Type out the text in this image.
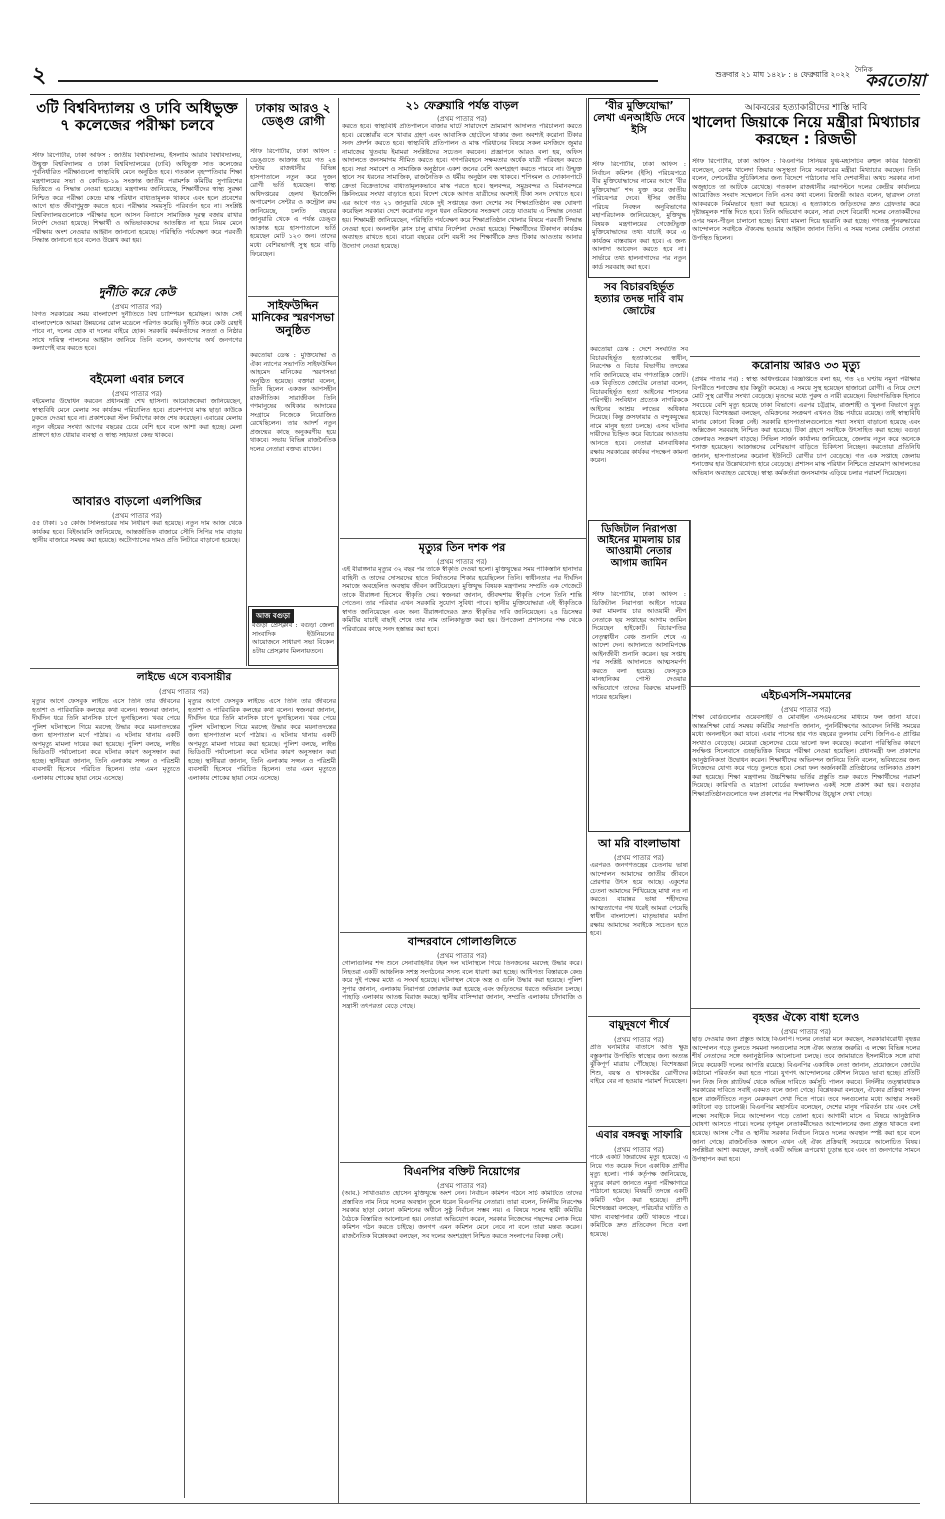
২	শুক্রবার ২১ মাঘ ১৪২৮ : ৪ ফেব্রুয়ারি ২০২২ দৈনিক
করতোয়া
৩টি বিশ্ববিদ্যালয় ও ঢাবি অধিভুক্ত ৭ কলেজের পরীক্ষা চলবে
স্টাফ রিপোর্টার, ঢাকা অফিস : জাতীয় বিশ্ববিদ্যালয়, ইসলামি আরবি বিশ্ববিদ্যালয়, উন্মুক্ত বিশ্ববিদ্যালয় ও ঢাকা বিশ্ববিদ্যালয়ের (ঢাবি) অধিভুক্ত সাত কলেজের পূর্বনির্ধারিত পরীক্ষাগুলো স্বাস্থ্যবিধি মেনে অনুষ্ঠিত হবে। গতকাল বৃহস্পতিবার শিক্ষা মন্ত্রণালয়ের সভা ও কোভিড-১৯ সংক্রান্ত জাতীয় পরামর্শক কমিটির সুপারিশের ভিত্তিতে এ সিদ্ধান্ত নেওয়া হয়েছে। মন্ত্রণালয় জানিয়েছে, শিক্ষার্থীদের স্বাস্থ্য সুরক্ষা নিশ্চিত করে পরীক্ষা কেন্দ্রে মাস্ক পরিধান বাধ্যতামূলক থাকবে এবং হলে প্রবেশের আগে হাত জীবাণুমুক্ত করতে হবে। পরীক্ষার সময়সূচি পরিবর্তন হবে না। সংশ্লিষ্ট বিশ্ববিদ্যালয়গুলোকে পরীক্ষার হলে আসন বিন্যাসে সামাজিক দূরত্ব বজায় রাখার নির্দেশ দেওয়া হয়েছে। শিক্ষার্থী ও অভিভাবকদের আতঙ্কিত না হয়ে নিয়ম মেনে পরীক্ষায় অংশ নেওয়ার আহ্বান জানানো হয়েছে। পরিস্থিতি পর্যবেক্ষণ করে পরবর্তী সিদ্ধান্ত জানানো হবে বলেও উল্লেখ করা হয়।
দুর্নীতি করে কেউ
(প্রথম পাতার পর)
বিগত সরকারের সময় বাংলাদেশ দুর্নীতিতে বিশ্ব চ্যাম্পিয়ন হয়েছিল। আজ সেই বাংলাদেশকে আমরা উন্নয়নের রোল মডেলে পরিণত করেছি। দুর্নীতি করে কেউ রেহাই পাবে না, দলের হোক বা দলের বাইরে হোক। সরকারি কর্মকর্তাদের সততা ও নিষ্ঠার সাথে দায়িত্ব পালনের আহ্বান জানিয়ে তিনি বলেন, জনগণের অর্থ জনগণের কল্যাণেই ব্যয় করতে হবে।
বইমেলা এবার চলবে
(প্রথম পাতার পর)
বইমেলার উদ্বোধন করবেন প্রধানমন্ত্রী শেখ হাসিনা। আয়োজকেরা জানিয়েছেন, স্বাস্থ্যবিধি মেনে মেলার সব কার্যক্রম পরিচালিত হবে। প্রবেশপথে মাস্ক ছাড়া কাউকে ঢুকতে দেওয়া হবে না। প্রকাশকেরা স্টল নির্মাণের কাজ শেষ করেছেন। এবারের মেলায় নতুন বইয়ের সংখ্যা আগের বছরের চেয়ে বেশি হবে বলে আশা করা হচ্ছে। মেলা প্রাঙ্গণে হাত ধোয়ার ব্যবস্থা ও স্বাস্থ্য সহায়তা কেন্দ্র থাকবে।
আবারও বাড়লো এলপিজির
(প্রথম পাতার পর)
৫৫ টাকা। ১৫ কেজি সিলিন্ডারের দাম নির্ধারণ করা হয়েছে। নতুন দাম আজ থেকে কার্যকর হবে। বিইআরসি জানিয়েছে, আন্তর্জাতিক বাজারে সৌদি সিপির দাম বাড়ায় স্থানীয় বাজারে সমন্বয় করা হয়েছে। অটোগ্যাসের দামও প্রতি লিটারে বাড়ানো হয়েছে।
ঢাকায় আরও ২ ডেঙ্গু রোগী
স্টাফ রিপোর্টার, ঢাকা অফিস : ডেঙ্গুতে আক্রান্ত হয়ে গত ২৪ ঘণ্টায় রাজধানীর বিভিন্ন হাসপাতালে নতুন করে দুজন রোগী ভর্তি হয়েছেন। স্বাস্থ্য অধিদপ্তরের হেলথ ইমার্জেন্সি অপারেশন সেন্টার ও কন্ট্রোল রুম জানিয়েছে, চলতি বছরের জানুয়ারি থেকে এ পর্যন্ত ডেঙ্গু আক্রান্ত হয়ে হাসপাতালে ভর্তি হয়েছেন মোট ১২৩ জন। তাদের মধ্যে বেশিরভাগই সুস্থ হয়ে বাড়ি ফিরেছেন।
সাইফউদ্দিন মানিকের স্মরণসভা অনুষ্ঠিত
করতোয়া ডেস্ক : মুক্তিযোদ্ধা ও ঐক্য ন্যাপের সভাপতি সাইফউদ্দিন আহমেদ মানিকের স্মরণসভা অনুষ্ঠিত হয়েছে। বক্তারা বলেন, তিনি ছিলেন একজন আপসহীন রাজনীতিক। সারাজীবন তিনি গণমানুষের অধিকার আদায়ের সংগ্রামে নিজেকে নিয়োজিত রেখেছিলেন। তার আদর্শ নতুন প্রজন্মের কাছে অনুকরণীয় হয়ে থাকবে। সভায় বিভিন্ন রাজনৈতিক দলের নেতারা বক্তব্য রাখেন।
আজ বগুড়া
বগুড়া প্রেসক্লাব : বগুড়া জেলা সাংবাদিক ইউনিয়নের আয়োজনে সাধারণ সভা বিকেল ৪টায় প্রেসক্লাব মিলনায়তনে।
লাইভে এসে ব্যবসায়ীর
(প্রথম পাতার পর)
মৃত্যুর আগে ফেসবুক লাইভে এসে তিনি তার জীবনের হতাশা ও পারিবারিক কলহের কথা বলেন। স্বজনরা জানান, দীর্ঘদিন ধরে তিনি মানসিক চাপে ভুগছিলেন। খবর পেয়ে পুলিশ ঘটনাস্থলে গিয়ে মরদেহ উদ্ধার করে ময়নাতদন্তের জন্য হাসপাতাল মর্গে পাঠায়। এ ঘটনায় থানায় একটি অপমৃত্যু মামলা দায়ের করা হয়েছে। পুলিশ বলছে, লাইভ ভিডিওটি পর্যালোচনা করে ঘটনার কারণ অনুসন্ধান করা হচ্ছে। স্থানীয়রা জানান, তিনি এলাকায় সজ্জন ও পরিশ্রমী ব্যবসায়ী হিসেবে পরিচিত ছিলেন। তার এমন মৃত্যুতে এলাকায় শোকের ছায়া নেমে এসেছে।
মৃত্যুর আগে ফেসবুক লাইভে এসে তিনি তার জীবনের হতাশা ও পারিবারিক কলহের কথা বলেন। স্বজনরা জানান, দীর্ঘদিন ধরে তিনি মানসিক চাপে ভুগছিলেন। খবর পেয়ে পুলিশ ঘটনাস্থলে গিয়ে মরদেহ উদ্ধার করে ময়নাতদন্তের জন্য হাসপাতাল মর্গে পাঠায়। এ ঘটনায় থানায় একটি অপমৃত্যু মামলা দায়ের করা হয়েছে। পুলিশ বলছে, লাইভ ভিডিওটি পর্যালোচনা করে ঘটনার কারণ অনুসন্ধান করা হচ্ছে। স্থানীয়রা জানান, তিনি এলাকায় সজ্জন ও পরিশ্রমী ব্যবসায়ী হিসেবে পরিচিত ছিলেন। তার এমন মৃত্যুতে এলাকায় শোকের ছায়া নেমে এসেছে।
২১ ফেব্রুয়ারি পর্যন্ত বাড়ল
(প্রথম পাতার পর)
করতে হবে। স্বাস্থ্যবিধি প্রতিপালনে বাজার ঘাটে সারাদেশে ভ্রাম্যমাণ আদালত পরিচালনা করতে হবে। রেস্তোরাঁয় বসে খাবার গ্রহণ এবং আবাসিক হোটেলে থাকার জন্য অবশ্যই করোনা টিকার সনদ প্রদর্শন করতে হবে। স্বাস্থ্যবিধি প্রতিপালন ও মাস্ক পরিধানের বিষয়ে সকল মসজিদে জুমার নামাজের খুতবায় ইমামরা সংশ্লিষ্টদের সচেতন করবেন। প্রজ্ঞাপনে আরও বলা হয়, অফিস আদালতে জনসমাগম সীমিত করতে হবে। গণপরিবহনে সক্ষমতার অর্ধেক যাত্রী পরিবহন করতে হবে। সভা সমাবেশ ও সামাজিক অনুষ্ঠানে একশ জনের বেশি অংশগ্রহণ করতে পারবে না। উন্মুক্ত স্থানে সব ধরনের সামাজিক, রাজনৈতিক ও ধর্মীয় অনুষ্ঠান বন্ধ থাকবে। শপিংমল ও দোকানপাটে ক্রেতা বিক্রেতাদের বাধ্যতামূলকভাবে মাস্ক পরতে হবে। স্থলবন্দর, সমুদ্রবন্দর ও বিমানবন্দরে স্ক্রিনিংয়ের সংখ্যা বাড়াতে হবে। বিদেশ থেকে আগত যাত্রীদের অবশ্যই টিকা সনদ দেখাতে হবে। এর আগে গত ২১ জানুয়ারি থেকে দুই সপ্তাহের জন্য দেশের সব শিক্ষাপ্রতিষ্ঠান বন্ধ ঘোষণা করেছিল সরকার। দেশে করোনার নতুন ধরন ওমিক্রনের সংক্রমণ বেড়ে যাওয়ায় এ সিদ্ধান্ত নেওয়া হয়। শিক্ষামন্ত্রী জানিয়েছেন, পরিস্থিতি পর্যবেক্ষণ করে শিক্ষাপ্রতিষ্ঠান খোলার বিষয়ে পরবর্তী সিদ্ধান্ত নেওয়া হবে। অনলাইন ক্লাস চালু রাখার নির্দেশনা দেওয়া হয়েছে। শিক্ষার্থীদের টিকাদান কার্যক্রম অব্যাহত রাখতে হবে। বারো বছরের বেশি বয়সী সব শিক্ষার্থীকে দ্রুত টিকার আওতায় আনার উদ্যোগ নেওয়া হয়েছে।
মৃত্যুর তিন দশক পর
(প্রথম পাতার পর)
এই বীরাঙ্গনার মৃত্যুর ৩২ বছর পর তাকে স্বীকৃতি দেওয়া হলো। মুক্তিযুদ্ধের সময় পাকিস্তানি হানাদার বাহিনী ও তাদের দোসরদের হাতে নির্যাতনের শিকার হয়েছিলেন তিনি। স্বাধীনতার পর দীর্ঘদিন সমাজে অবহেলিত অবস্থায় জীবন কাটিয়েছেন। মুক্তিযুদ্ধ বিষয়ক মন্ত্রণালয় সম্প্রতি এক গেজেটে তাকে বীরাঙ্গনা হিসেবে স্বীকৃতি দেয়। স্বজনরা জানান, জীবদ্দশায় স্বীকৃতি পেলে তিনি শান্তি পেতেন। তার পরিবার এখন সরকারি সুযোগ সুবিধা পাবে। স্থানীয় মুক্তিযোদ্ধারা এই স্বীকৃতিকে স্বাগত জানিয়েছেন এবং অন্য বীরাঙ্গনাদেরও দ্রুত স্বীকৃতির দাবি জানিয়েছেন। ২৪ ডিসেম্বর কমিটির যাচাই বাছাই শেষে তার নাম তালিকাভুক্ত করা হয়। উপজেলা প্রশাসনের পক্ষ থেকে পরিবারের কাছে সনদ হস্তান্তর করা হবে।
বান্দরবানে গোলাগুলিতে
(প্রথম পাতার পর)
গোলাগুলির শব্দ শুনে সেনাবাহিনীর টহল দল ঘটনাস্থলে গিয়ে তিনজনের মরদেহ উদ্ধার করে। নিহতরা একটি আঞ্চলিক সশস্ত্র সংগঠনের সদস্য বলে ধারণা করা হচ্ছে। আধিপত্য বিস্তারকে কেন্দ্র করে দুই পক্ষের মধ্যে এ সংঘর্ষ হয়েছে। ঘটনাস্থল থেকে অস্ত্র ও গুলি উদ্ধার করা হয়েছে। পুলিশ সুপার জানান, এলাকায় নিরাপত্তা জোরদার করা হয়েছে এবং জড়িতদের ধরতে অভিযান চলছে। পাহাড়ি এলাকায় আতঙ্ক বিরাজ করছে। স্থানীয় বাসিন্দারা জানান, সম্প্রতি এলাকায় চাঁদাবাজি ও সন্ত্রাসী তৎপরতা বেড়ে গেছে।
বিএনপির বক্তিট নিয়োগের
(প্রথম পাতার পর)
(আব.) সাখাওয়াত হোসেন মুক্তিযুদ্ধে অংশ নেন। নির্বাচন কমিশন গঠনে সার্চ কমিটিতে তাদের প্রস্তাবিত নাম নিয়ে দলের অবস্থান তুলে ধরেন বিএনপির নেতারা। তারা বলেন, নির্দলীয় নিরপেক্ষ সরকার ছাড়া কোনো কমিশনের অধীনে সুষ্ঠু নির্বাচন সম্ভব নয়। এ বিষয়ে দলের স্থায়ী কমিটির বৈঠকে বিস্তারিত আলোচনা হয়। নেতারা অভিযোগ করেন, সরকার নিজেদের পছন্দের লোক দিয়ে কমিশন গঠন করতে চাইছে। জনগণ এমন কমিশন মেনে নেবে না বলে তারা মন্তব্য করেন। রাজনৈতিক বিশ্লেষকরা বলছেন, সব দলের অংশগ্রহণ নিশ্চিত করতে সংলাপের বিকল্প নেই।
‘বীর মুক্তিযোদ্ধা’ লেখা এনআইডি দেবে ইসি
স্টাফ রিপোর্টার, ঢাকা অফিস : নির্বাচন কমিশন (ইসি) পরিচয়পত্রে বীর মুক্তিযোদ্ধাদের নামের আগে ‘বীর মুক্তিযোদ্ধা’ শব্দ যুক্ত করে জাতীয় পরিচয়পত্র দেবে। ইসির জাতীয় পরিচয় নিবন্ধন অনুবিভাগের মহাপরিচালক জানিয়েছেন, মুক্তিযুদ্ধ বিষয়ক মন্ত্রণালয়ের গেজেটভুক্ত মুক্তিযোদ্ধাদের তথ্য যাচাই করে এ কার্যক্রম বাস্তবায়ন করা হবে। এ জন্য আলাদা আবেদন করতে হবে না। সার্ভারে তথ্য হালনাগাদের পর নতুন কার্ড সরবরাহ করা হবে।
সব বিচারবহির্ভূত হত্যার তদন্ত দাবি বাম জোটের
করতোয়া ডেস্ক : দেশে সংঘটিত সব বিচারবহির্ভূত হত্যাকাণ্ডের স্বাধীন, নিরপেক্ষ ও বিচার বিভাগীয় তদন্তের দাবি জানিয়েছে বাম গণতান্ত্রিক জোট। এক বিবৃতিতে জোটের নেতারা বলেন, বিচারবহির্ভূত হত্যা আইনের শাসনের পরিপন্থী। সংবিধান প্রত্যেক নাগরিককে আইনের আশ্রয় লাভের অধিকার দিয়েছে। কিন্তু ক্রসফায়ার ও বন্দুকযুদ্ধের নামে মানুষ হত্যা চলছে। এসব ঘটনার দায়ীদের চিহ্নিত করে বিচারের আওতায় আনতে হবে। নেতারা মানবাধিকার রক্ষায় সরকারের কার্যকর পদক্ষেপ কামনা করেন।
ডিজিটাল নিরাপত্তা আইনের মামলায় চার আওয়ামী নেতার আগাম জামিন
স্টাফ রিপোর্টার, ঢাকা অফিস : ডিজিটাল নিরাপত্তা আইনে দায়ের করা মামলায় চার আওয়ামী লীগ নেতাকে ছয় সপ্তাহের আগাম জামিন দিয়েছেন হাইকোর্ট। বিচারপতির নেতৃত্বাধীন বেঞ্চ শুনানি শেষে এ আদেশ দেন। আদালতে আসামিপক্ষে আইনজীবী শুনানি করেন। ছয় সপ্তাহ পর সংশ্লিষ্ট আদালতে আত্মসমর্পণ করতে বলা হয়েছে। ফেসবুকে মানহানিকর পোস্ট দেওয়ার অভিযোগে তাদের বিরুদ্ধে মামলাটি দায়ের হয়েছিল।
আ মরি বাংলাভাষা
(প্রথম পাতার পর)
এরপরও জনগণতন্ত্রের চেতনায় ভাষা আন্দোলন আমাদের জাতীয় জীবনে প্রেরণার উৎস হয়ে আছে। একুশের চেতনা আমাদের শিখিয়েছে মাথা নত না করতে। বায়ান্নর ভাষা শহীদদের আত্মত্যাগের পথ ধরেই আমরা পেয়েছি স্বাধীন বাংলাদেশ। মাতৃভাষার মর্যাদা রক্ষায় আমাদের সবাইকে সচেতন হতে হবে।
বায়ুদূষণে শীর্ষে
(প্রথম পাতার পর)
প্রতি ঘনমিটার বাতাসে অতি ক্ষুদ্র বস্তুকণার উপস্থিতি স্বাস্থ্যের জন্য অত্যন্ত ঝুঁকিপূর্ণ মাত্রায় পৌঁছেছে। বিশেষজ্ঞরা শিশু, বয়স্ক ও শ্বাসকষ্টের রোগীদের বাইরে বের না হওয়ার পরামর্শ দিয়েছেন।
এবার বঙ্গবন্ধু সাফারি
(প্রথম পাতার পর)
পার্কে একটি জিরাফের মৃত্যু হয়েছে। এ নিয়ে গত কয়েক দিনে একাধিক প্রাণীর মৃত্যু হলো। পার্ক কর্তৃপক্ষ জানিয়েছে, মৃত্যুর কারণ জানতে নমুনা পরীক্ষাগারে পাঠানো হয়েছে। বিষয়টি তদন্তে একটি কমিটি গঠন করা হয়েছে। প্রাণী বিশেষজ্ঞরা বলছেন, পরিচর্যার ঘাটতি ও খাদ্য ব্যবস্থাপনার ত্রুটি থাকতে পারে। কমিটিকে দ্রুত প্রতিবেদন দিতে বলা হয়েছে।
আকবরের হত্যাকারীদের শাস্তি দাবি
খালেদা জিয়াকে নিয়ে মন্ত্রীরা মিথ্যাচার করছেন : রিজভী
স্টাফ রিপোর্টার, ঢাকা অফিস : বিএনপির সিনিয়র যুগ্ম-মহাসচিব রুহুল কবির রিজভী বলেছেন, বেগম খালেদা জিয়ার অসুস্থতা নিয়ে সরকারের মন্ত্রীরা মিথ্যাচার করছেন। তিনি বলেন, দেশনেত্রীর সুচিকিৎসার জন্য বিদেশে পাঠানোর দাবি দেশবাসীর। অথচ সরকার নানা অজুহাতে তা আটকে রেখেছে। গতকাল রাজধানীর নয়াপল্টনে দলের কেন্দ্রীয় কার্যালয়ে আয়োজিত সংবাদ সম্মেলনে তিনি এসব কথা বলেন। রিজভী আরও বলেন, ছাত্রদল নেতা আকবরকে নির্মমভাবে হত্যা করা হয়েছে। এ হত্যাকাণ্ডে জড়িতদের দ্রুত গ্রেফতার করে দৃষ্টান্তমূলক শাস্তি দিতে হবে। তিনি অভিযোগ করেন, সারা দেশে বিরোধী দলের নেতাকর্মীদের ওপর দমন-পীড়ন চালানো হচ্ছে। মিথ্যা মামলা দিয়ে হয়রানি করা হচ্ছে। গণতন্ত্র পুনরুদ্ধারের আন্দোলনে সবাইকে ঐক্যবদ্ধ হওয়ার আহ্বান জানান তিনি। এ সময় দলের কেন্দ্রীয় নেতারা উপস্থিত ছিলেন।
করোনায় আরও ৩৩ মৃত্যু
(প্রথম পাতার পর) : স্বাস্থ্য অধিদপ্তরের বিজ্ঞপ্তিতে বলা হয়, গত ২৪ ঘণ্টায় নমুনা পরীক্ষার বিপরীতে শনাক্তের হার কিছুটা কমেছে। এ সময়ে সুস্থ হয়েছেন হাজারো রোগী। এ নিয়ে দেশে মোট সুস্থ রোগীর সংখ্যা বেড়েছে। মৃতদের মধ্যে পুরুষ ও নারী রয়েছেন। বিভাগভিত্তিক হিসাবে সবচেয়ে বেশি মৃত্যু হয়েছে ঢাকা বিভাগে। এরপর চট্টগ্রাম, রাজশাহী ও খুলনা বিভাগে মৃত্যু হয়েছে। বিশেষজ্ঞরা বলছেন, ওমিক্রনের সংক্রমণ এখনও উচ্চ পর্যায়ে রয়েছে। তাই স্বাস্থ্যবিধি মানার কোনো বিকল্প নেই। সরকারি হাসপাতালগুলোতে শয্যা সংখ্যা বাড়ানো হয়েছে এবং অক্সিজেন সরবরাহ নিশ্চিত করা হয়েছে। টিকা গ্রহণে সবাইকে উৎসাহিত করা হচ্ছে। বগুড়া জেলায়ও সংক্রমণ বাড়ছে। সিভিল সার্জন কার্যালয় জানিয়েছে, জেলায় নতুন করে অনেকে শনাক্ত হয়েছেন। আক্রান্তদের বেশিরভাগ বাড়িতে চিকিৎসা নিচ্ছেন। করতোয়া প্রতিনিধি জানান, হাসপাতালের করোনা ইউনিটে রোগীর চাপ বেড়েছে। গত এক সপ্তাহে জেলায় শনাক্তের হার উল্লেখযোগ্য হারে বেড়েছে। প্রশাসন মাস্ক পরিধান নিশ্চিতে ভ্রাম্যমাণ আদালতের অভিযান অব্যাহত রেখেছে। স্বাস্থ্য কর্মকর্তারা জনসমাগম এড়িয়ে চলার পরামর্শ দিয়েছেন।
এইচএসসি-সমমানের
(প্রথম পাতার পর)
শিক্ষা বোর্ডগুলোর ওয়েবসাইট ও মোবাইল এসএমএসের মাধ্যমে ফল জানা যাবে। আন্তঃশিক্ষা বোর্ড সমন্বয় কমিটির সভাপতি জানান, পুনর্নিরীক্ষণের আবেদন নির্দিষ্ট সময়ের মধ্যে অনলাইনে করা যাবে। এবার পাসের হার গত বছরের তুলনায় বেশি। জিপিএ-৫ প্রাপ্তির সংখ্যাও বেড়েছে। মেয়েরা ছেলেদের চেয়ে ভালো ফল করেছে। করোনা পরিস্থিতির কারণে সংক্ষিপ্ত সিলেবাসে গুচ্ছভিত্তিক বিষয়ে পরীক্ষা নেওয়া হয়েছিল। প্রধানমন্ত্রী ফল প্রকাশের আনুষ্ঠানিকতা উদ্বোধন করেন। শিক্ষার্থীদের অভিনন্দন জানিয়ে তিনি বলেন, ভবিষ্যতের জন্য নিজেদের যোগ্য করে গড়ে তুলতে হবে। সেরা ফল অর্জনকারী প্রতিষ্ঠানের তালিকাও প্রকাশ করা হয়েছে। শিক্ষা মন্ত্রণালয় উচ্চশিক্ষায় ভর্তির প্রস্তুতি শুরু করতে শিক্ষার্থীদের পরামর্শ দিয়েছে। কারিগরি ও মাদ্রাসা বোর্ডের ফলাফলও একই সঙ্গে প্রকাশ করা হয়। বগুড়ার শিক্ষাপ্রতিষ্ঠানগুলোতে ফল প্রকাশের পর শিক্ষার্থীদের উচ্ছ্বাস দেখা গেছে।
বৃহত্তর ঐক্যে বাধা হলেও
(প্রথম পাতার পর)
ছাড় দেওয়ার জন্য প্রস্তুত আছে বিএনপি। দলের নেতারা মনে করছেন, সরকারবিরোধী বৃহত্তর আন্দোলন গড়ে তুলতে সমমনা দলগুলোর সঙ্গে ঐক্য অত্যন্ত জরুরি। এ লক্ষ্যে বিভিন্ন দলের শীর্ষ নেতাদের সঙ্গে অনানুষ্ঠানিক আলোচনা চলছে। তবে জামায়াতে ইসলামীকে সঙ্গে রাখা নিয়ে কয়েকটি দলের আপত্তি রয়েছে। বিএনপির একাধিক নেতা জানান, প্রয়োজনে জোটের কাঠামো পরিবর্তন করা হতে পারে। যুগপৎ আন্দোলনের কৌশল নিয়েও ভাবা হচ্ছে। প্রতিটি দল নিজ নিজ প্ল্যাটফর্ম থেকে অভিন্ন দাবিতে কর্মসূচি পালন করবে। নির্দলীয় তত্ত্বাবধায়ক সরকারের দাবিতে সবাই একমত বলে জানা গেছে। বিশ্লেষকরা বলছেন, ঐক্যের প্রক্রিয়া সফল হলে রাজনীতিতে নতুন মেরুকরণ দেখা দিতে পারে। তবে দলগুলোর মধ্যে আস্থার সংকট কাটানো বড় চ্যালেঞ্জ। বিএনপির মহাসচিব বলেছেন, দেশের মানুষ পরিবর্তন চায় এবং সেই লক্ষ্যে সবাইকে নিয়ে আন্দোলন গড়ে তোলা হবে। আগামী মাসে এ বিষয়ে আনুষ্ঠানিক ঘোষণা আসতে পারে। দলের তৃণমূল নেতাকর্মীদেরও আন্দোলনের জন্য প্রস্তুত থাকতে বলা হয়েছে। আসন্ন পৌর ও স্থানীয় সরকার নির্বাচন নিয়েও দলের অবস্থান স্পষ্ট করা হবে বলে জানা গেছে। রাজনৈতিক অঙ্গনে এখন এই ঐক্য প্রক্রিয়াই সবচেয়ে আলোচিত বিষয়। সংশ্লিষ্টরা আশা করছেন, দ্রুতই একটি অভিন্ন রূপরেখা চূড়ান্ত হবে এবং তা জনগণের সামনে উপস্থাপন করা হবে।
